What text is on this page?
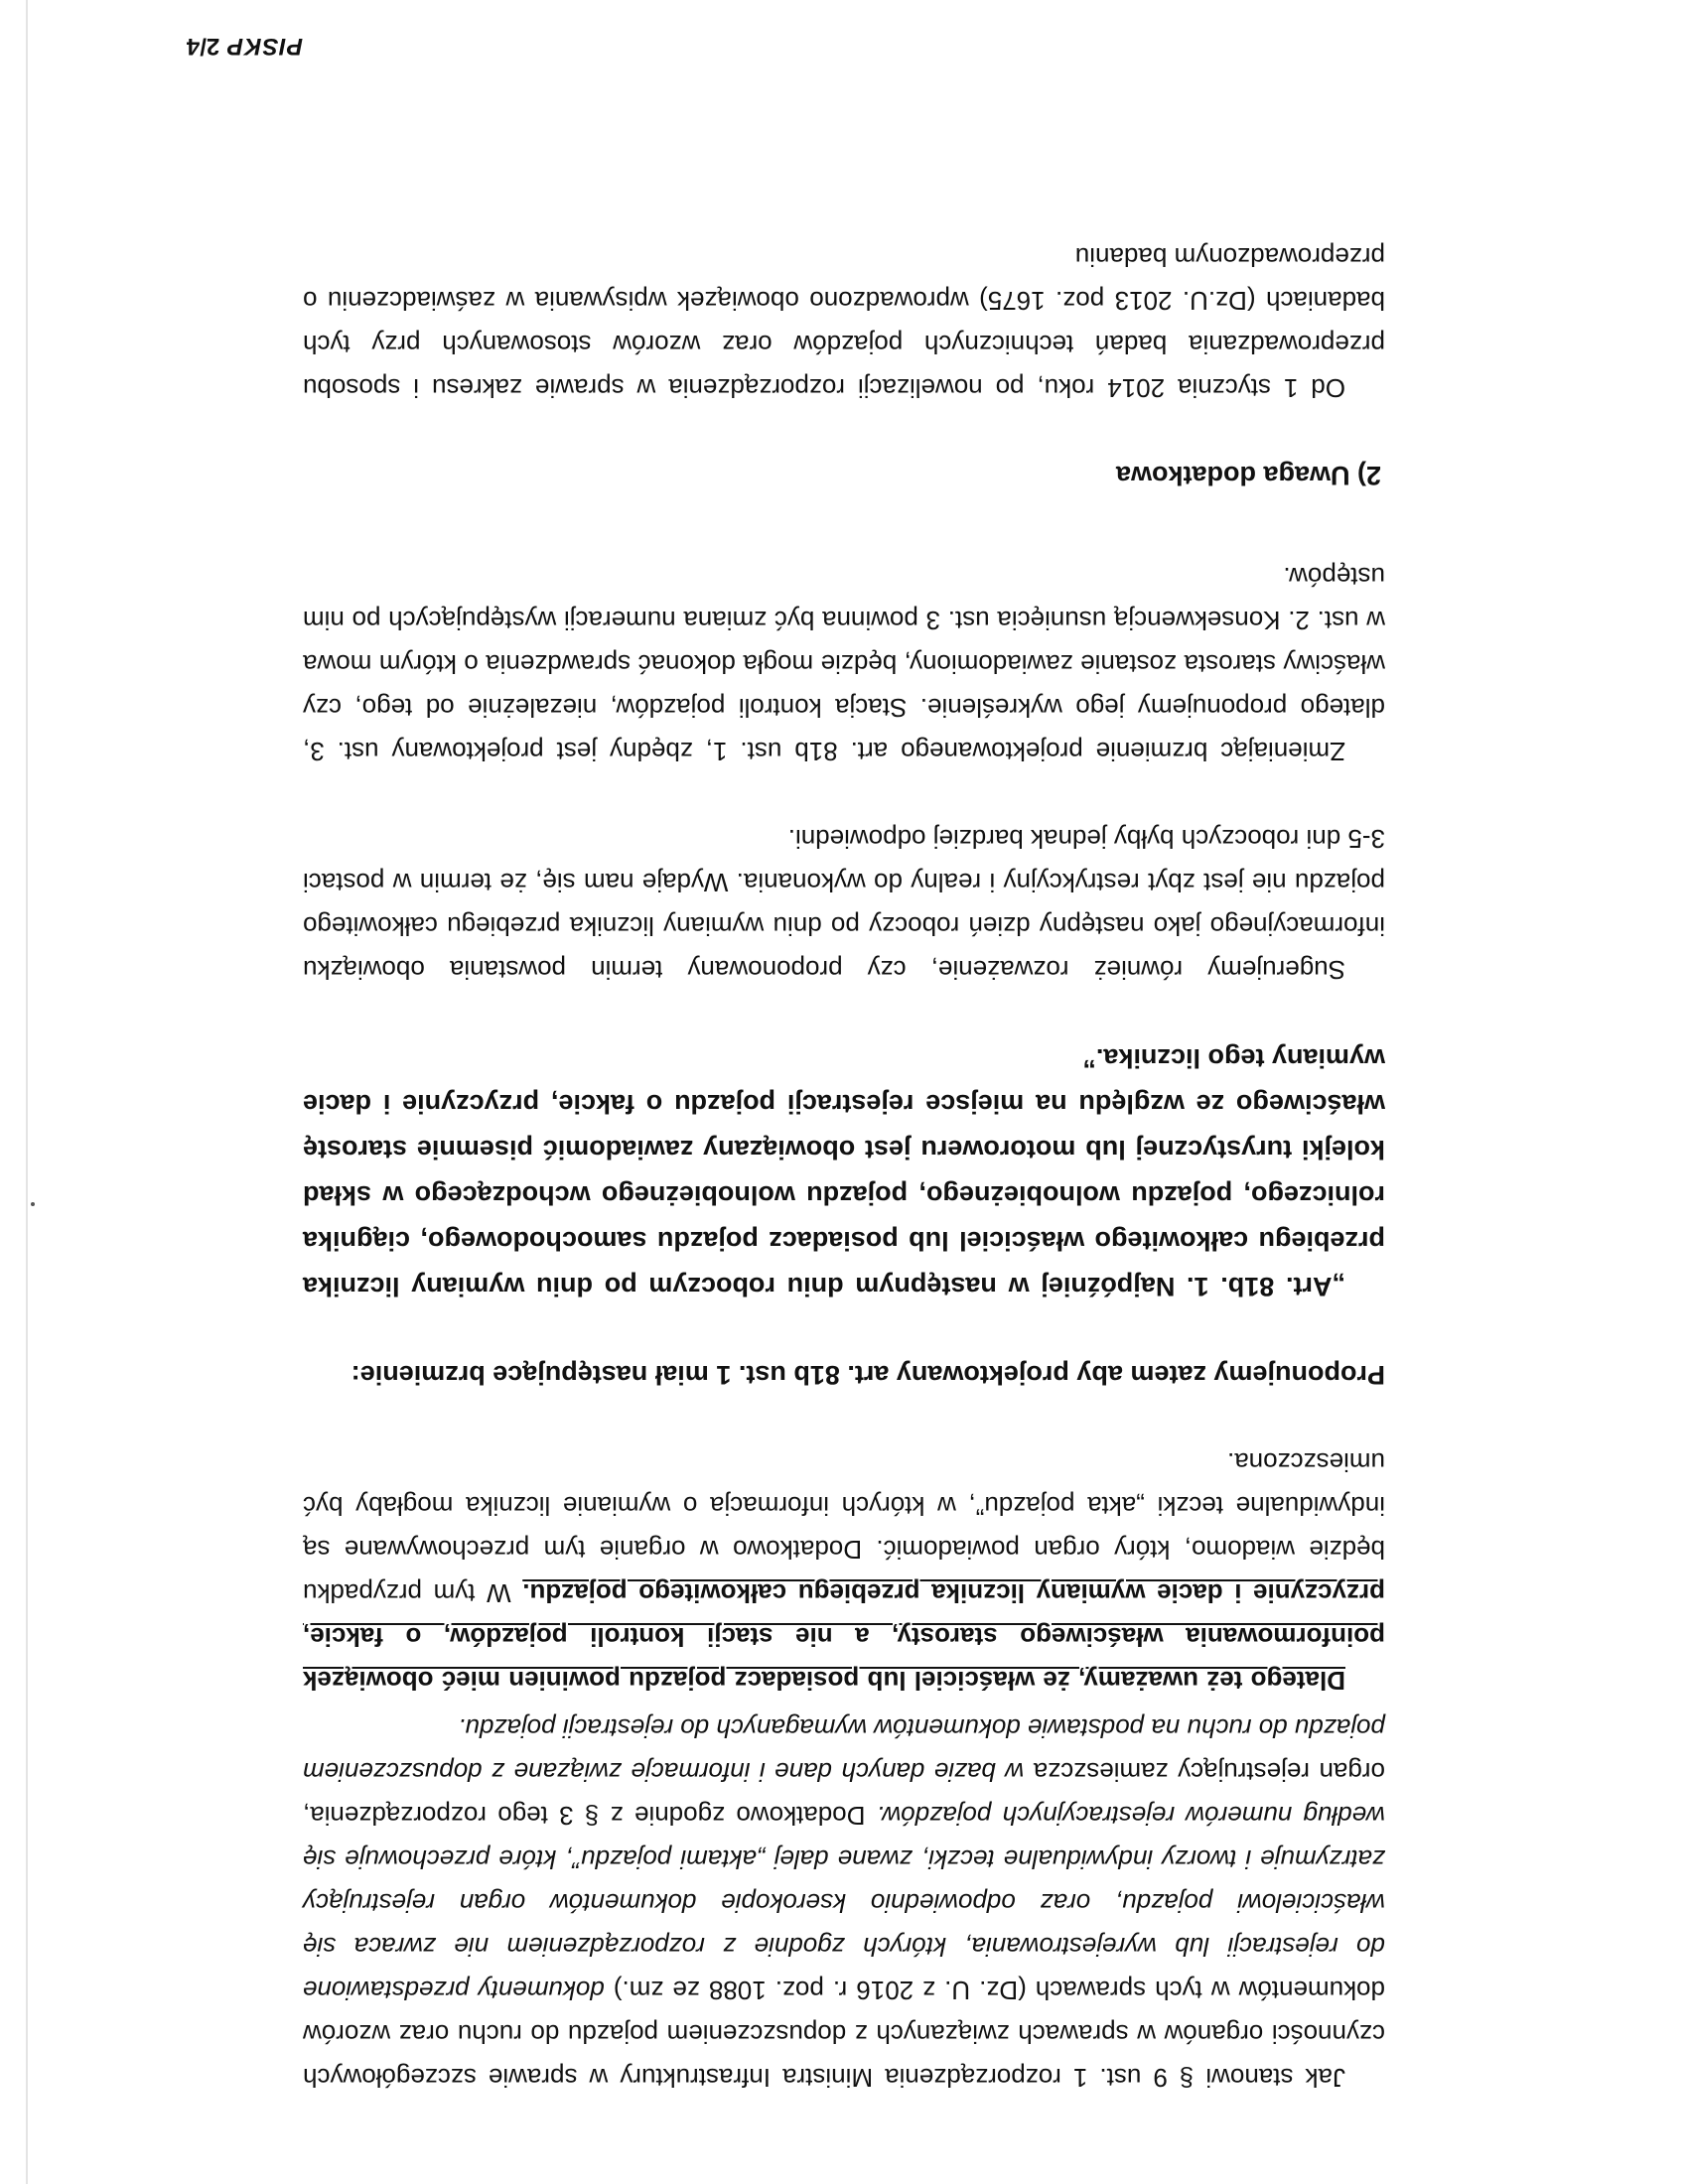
Jak stanowi § 9 ust. 1 rozporządzenia Ministra Infrastruktury w sprawie szczegółowych czynności organów w sprawach związanych z dopuszczeniem pojazdu do ruchu oraz wzorów dokumentów w tych sprawach (Dz. U. z 2016 r. poz. 1088 ze zm.) dokumenty przedstawione do rejestracji lub wyrejestrowania, których zgodnie z rozporządzeniem nie zwraca się właścicielowi pojazdu, oraz odpowiednio kserokopie dokumentów organ rejestrujący zatrzymuje i tworzy indywidualne teczki, zwane dalej „aktami pojazdu”, które przechowuje się według numerów rejestracyjnych pojazdów. Dodatkowo zgodnie z § 3 tego rozporządzenia, organ rejestrujący zamieszcza w bazie danych dane i informacje związane z dopuszczeniem pojazdu do ruchu na podstawie dokumentów wymaganych do rejestracji pojazdu.

Dlatego też uważamy, że właściciel lub posiadacz pojazdu powinien mieć obowiązek poinformowania właściwego starosty, a nie stacji kontroli pojazdów, o fakcie, przyczynie i dacie wymiany licznika przebiegu całkowitego pojazdu. W tym przypadku będzie wiadomo, który organ powiadomić. Dodatkowo w organie tym przechowywane są indywidualne teczki „akta pojazdu”, w których informacja o wymianie licznika mogłaby być umieszczona.

Proponujemy zatem aby projektowany art. 81b ust. 1 miał następujące brzmienie:

„Art. 81b. 1. Najpóźniej w następnym dniu roboczym po dniu wymiany licznika przebiegu całkowitego właściciel lub posiadacz pojazdu samochodowego, ciągnika rolniczego, pojazdu wolnobieżnego, pojazdu wolnobieżnego wchodzącego w skład kolejki turystycznej lub motoroweru jest obowiązany zawiadomić pisemnie starostę właściwego ze względu na miejsce rejestracji pojazdu o fakcie, przyczynie i dacie wymiany tego licznika.”

Sugerujemy również rozważenie, czy proponowany termin powstania obowiązku informacyjnego jako następny dzień roboczy po dniu wymiany licznika przebiegu całkowitego pojazdu nie jest zbyt restrykcyjny i realny do wykonania. Wydaje nam się, że termin w postaci 3-5 dni roboczych byłby jednak bardziej odpowiedni.

Zmieniając brzmienie projektowanego art. 81b ust. 1, zbędny jest projektowany ust. 3, dlatego proponujemy jego wykreślenie. Stacja kontroli pojazdów, niezależnie od tego, czy właściwy starosta zostanie zawiadomiony, będzie mogła dokonać sprawdzenia o którym mowa w ust. 2. Konsekwencją usunięcia ust. 3 powinna być zmiana numeracji występujących po nim ustępów.

2) Uwaga dodatkowa

Od 1 stycznia 2014 roku, po nowelizacji rozporządzenia w sprawie zakresu i sposobu przeprowadzania badań technicznych pojazdów oraz wzorów stosowanych przy tych badaniach (Dz.U. 2013 poz. 1675) wprowadzono obowiązek wpisywania w zaświadczeniu o przeprowadzonym badaniu

PISKP 2/4
